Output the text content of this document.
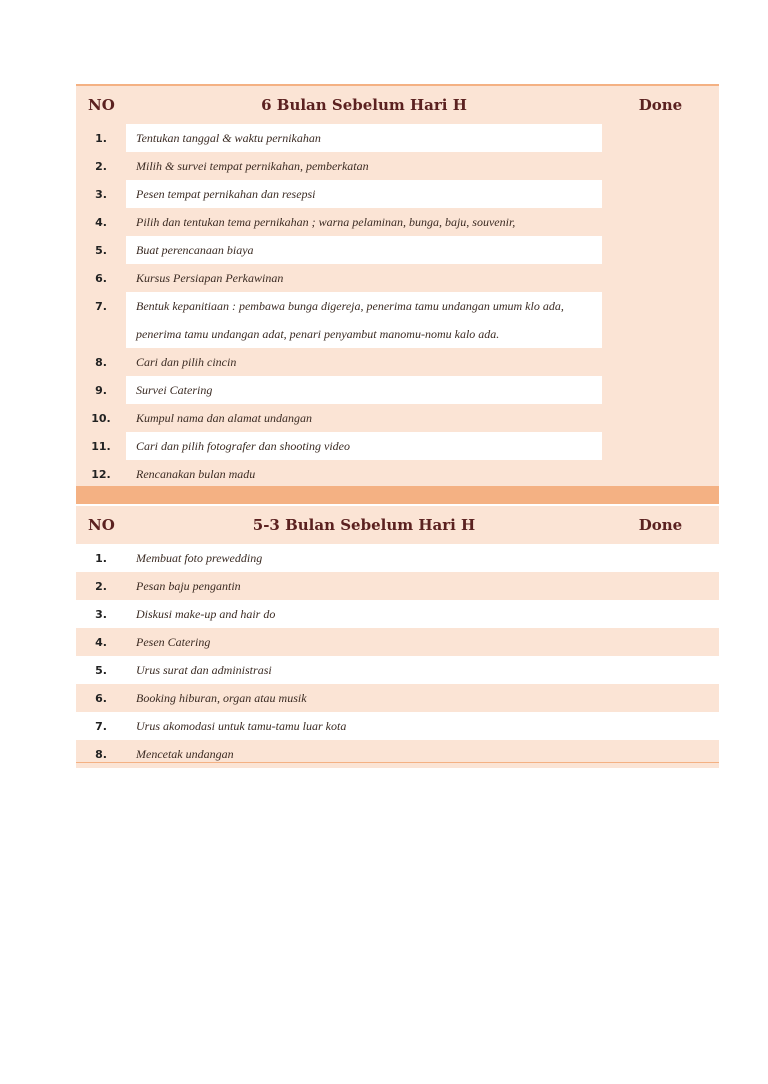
NO	6 Bulan Sebelum Hari H	Done
1.	Tentukan tanggal & waktu pernikahan	
2.	Milih & survei tempat pernikahan, pemberkatan	
3.	Pesen tempat pernikahan dan resepsi	
4.	Pilih dan tentukan tema pernikahan ; warna pelaminan, bunga, baju, souvenir,	
5.	Buat perencanaan biaya	
6.	Kursus Persiapan Perkawinan	
7.	Bentuk kepanitiaan : pembawa bunga digereja, penerima tamu undangan umum klo ada, penerima tamu undangan adat, penari penyambut manomu-nomu kalo ada.	
8.	Cari dan pilih cincin	
9.	Survei Catering	
10.	Kumpul nama dan alamat undangan	
11.	Cari dan pilih fotografer dan shooting video	
12.	Rencanakan bulan madu	
NO	5-3 Bulan Sebelum Hari H	Done
1.	Membuat foto prewedding	
2.	Pesan baju pengantin	
3.	Diskusi make-up and hair do	
4.	Pesen Catering	
5.	Urus surat dan administrasi	
6.	Booking hiburan, organ atau musik	
7.	Urus akomodasi untuk tamu-tamu luar kota	
8.	Mencetak undangan	
